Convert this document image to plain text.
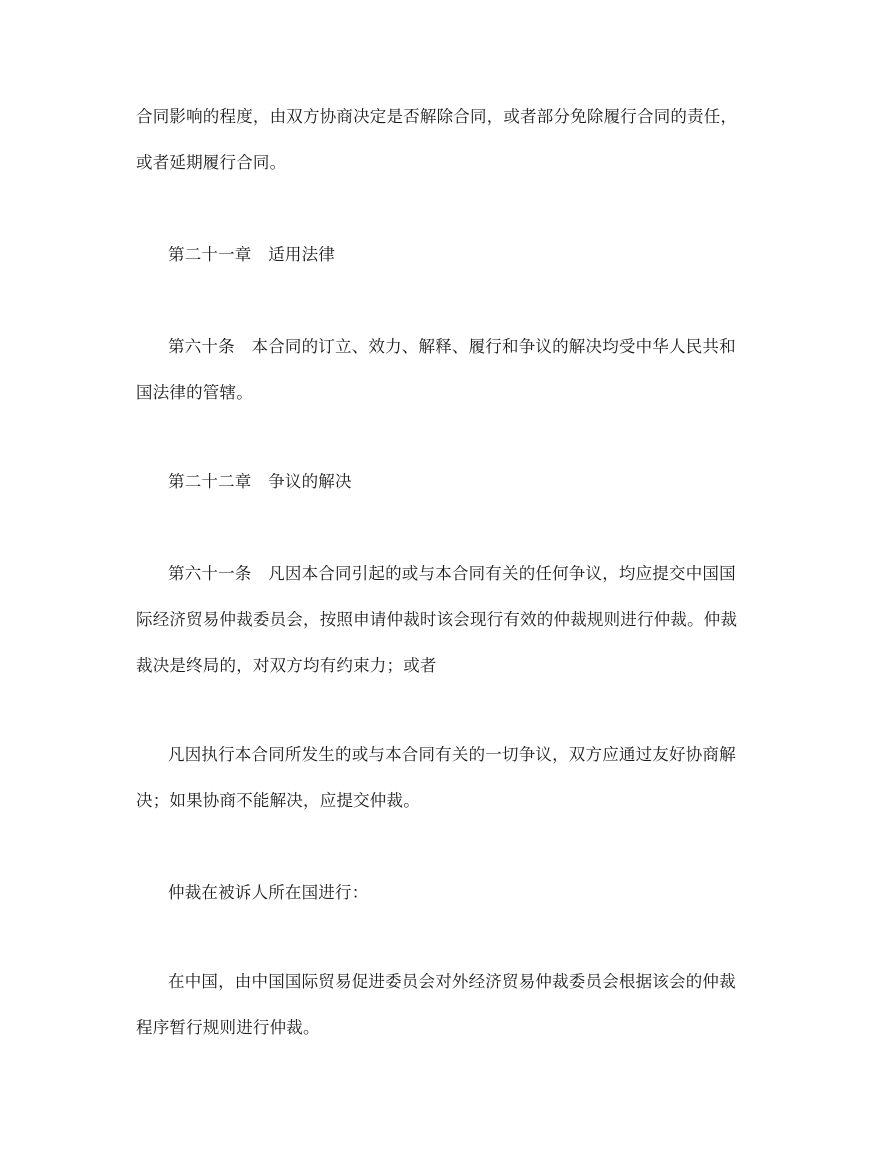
合同影响的程度，由双方协商决定是否解除合同，或者部分免除履行合同的责任，
或者延期履行合同。
第二十一章　适用法律
第六十条　本合同的订立、效力、解释、履行和争议的解决均受中华人民共和
国法律的管辖。
第二十二章　争议的解决
第六十一条　凡因本合同引起的或与本合同有关的任何争议，均应提交中国国
际经济贸易仲裁委员会，按照申请仲裁时该会现行有效的仲裁规则进行仲裁。仲裁
裁决是终局的，对双方均有约束力；或者
凡因执行本合同所发生的或与本合同有关的一切争议，双方应通过友好协商解
决；如果协商不能解决，应提交仲裁。
仲裁在被诉人所在国进行：
在中国，由中国国际贸易促进委员会对外经济贸易仲裁委员会根据该会的仲裁
程序暂行规则进行仲裁。
